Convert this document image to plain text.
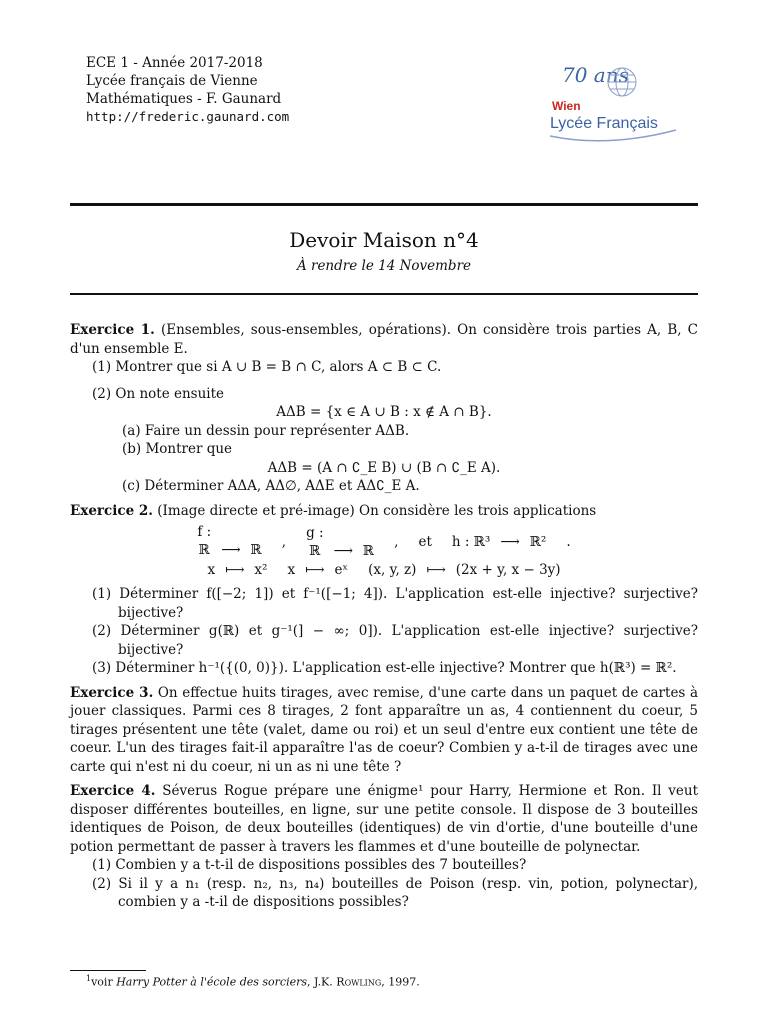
ECE 1 - Année 2017-2018
Lycée français de Vienne
Mathématiques - F. Gaunard
http://frederic.gaunard.com
70 ans
Wien
Lycée Français
Devoir Maison n°4
À rendre le 14 Novembre
Exercice 1. (Ensembles, sous-ensembles, opérations). On considère trois parties A, B, C d'un ensemble E.
(1) Montrer que si A ∪ B = B ∩ C, alors A ⊂ B ⊂ C.
(2) On note ensuite
AΔB = {x ∈ A ∪ B : x ∉ A ∩ B}.
(a) Faire un dessin pour représenter AΔB.
(b) Montrer que
AΔB = (A ∩ ∁_E B) ∪ (B ∩ ∁_E A).
(c) Déterminer AΔA, AΔ∅, AΔE et AΔ∁_E A.
Exercice 2. (Image directe et pré-image) On considère les trois applications
f :
ℝ ⟶ ℝ
,
g :
ℝ ⟶ ℝ
, et h : ℝ³ ⟶ ℝ² .
x ⟼ x² x ⟼ eˣ (x, y, z) ⟼ (2x + y, x − 3y)
(1) Déterminer f([−2; 1]) et f⁻¹([−1; 4]). L'application est-elle injective? surjective? bijective?
(2) Déterminer g(ℝ) et g⁻¹(] − ∞; 0]). L'application est-elle injective? surjective? bijective?
(3) Déterminer h⁻¹({(0, 0)}). L'application est-elle injective? Montrer que h(ℝ³) = ℝ².
Exercice 3. On effectue huits tirages, avec remise, d'une carte dans un paquet de cartes à jouer classiques. Parmi ces 8 tirages, 2 font apparaître un as, 4 contiennent du coeur, 5 tirages présentent une tête (valet, dame ou roi) et un seul d'entre eux contient une tête de coeur. L'un des tirages fait-il apparaître l'as de coeur? Combien y a-t-il de tirages avec une carte qui n'est ni du coeur, ni un as ni une tête ?
Exercice 4. Séverus Rogue prépare une énigme¹ pour Harry, Hermione et Ron. Il veut disposer différentes bouteilles, en ligne, sur une petite console. Il dispose de 3 bouteilles identiques de Poison, de deux bouteilles (identiques) de vin d'ortie, d'une bouteille d'une potion permettant de passer à travers les flammes et d'une bouteille de polynectar.
(1) Combien y a t-t-il de dispositions possibles des 7 bouteilles?
(2) Si il y a n₁ (resp. n₂, n₃, n₄) bouteilles de Poison (resp. vin, potion, polynectar), combien y a -t-il de dispositions possibles?
$^1$voir Harry Potter à l'école des sorciers, J.K. Rowling, 1997.
